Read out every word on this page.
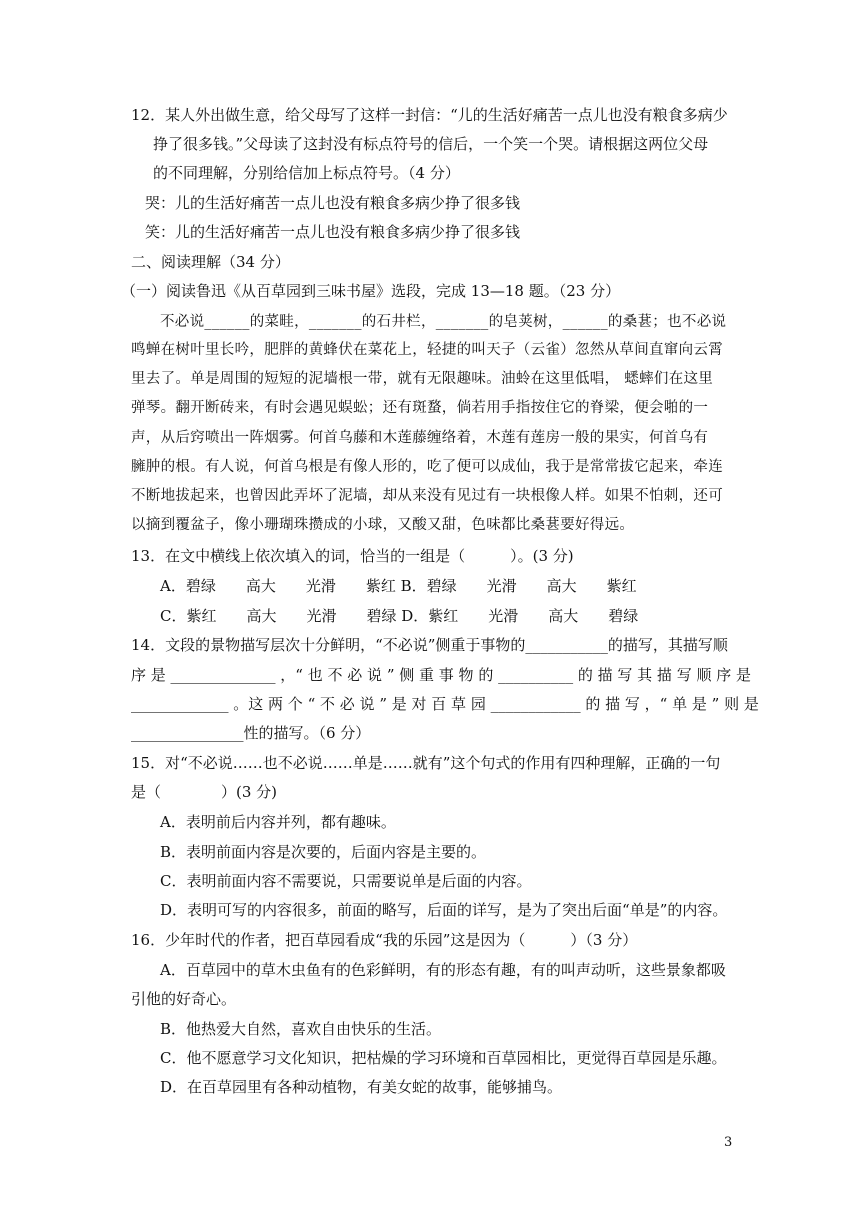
12．某人外出做生意，给父母写了这样一封信：“儿的生活好痛苦一点儿也没有粮食多病少
挣了很多钱。”父母读了这封没有标点符号的信后，一个笑一个哭。请根据这两位父母
的不同理解，分别给信加上标点符号。（4 分）
哭：儿的生活好痛苦一点儿也没有粮食多病少挣了很多钱
笑：儿的生活好痛苦一点儿也没有粮食多病少挣了很多钱
二、阅读理解（34 分）
（一）阅读鲁迅《从百草园到三味书屋》选段，完成 13—18 题。（23 分）
不必说______的菜畦，_______的石井栏，_______的皂荚树，______的桑葚；也不必说
鸣蝉在树叶里长吟，肥胖的黄蜂伏在菜花上，轻捷的叫天子（云雀）忽然从草间直窜向云霄
里去了。单是周围的短短的泥墙根一带，就有无限趣味。油蛉在这里低唱， 蟋蟀们在这里
弹琴。翻开断砖来，有时会遇见蜈蚣；还有斑蝥，倘若用手指按住它的脊梁，便会啪的一
声，从后窍喷出一阵烟雾。何首乌藤和木莲藤缠络着，木莲有莲房一般的果实，何首乌有
臃肿的根。有人说，何首乌根是有像人形的，吃了便可以成仙，我于是常常拔它起来，牵连
不断地拔起来，也曾因此弄坏了泥墙，却从来没有见过有一块根像人样。如果不怕刺，还可
以摘到覆盆子，像小珊瑚珠攒成的小球，又酸又甜，色味都比桑葚要好得远。
13．在文中横线上依次填入的词，恰当的一组是（　　　）。(3 分)
A．碧绿　　高大　　光滑　　紫红 B．碧绿　　光滑　　高大　　紫红
C．紫红　　高大　　光滑　　碧绿 D．紫红　　光滑　　高大　　碧绿
14．文段的景物描写层次十分鲜明，“不必说”侧重于事物的___________的描写，其描写顺
序 是 ______________ ，“ 也 不 必 说 ” 侧 重 事 物 的 __________ 的 描 写 其 描 写 顺 序 是
_____________ 。这 两 个 “ 不 必 说 ” 是 对 百 草 园 ____________ 的 描 写 ，“ 单 是 ” 则 是
_______________性的描写。（6 分）
15．对“不必说……也不必说……单是……就有”这个句式的作用有四种理解，正确的一句
是（　　　　）(3 分)
A．表明前后内容并列，都有趣味。
B．表明前面内容是次要的，后面内容是主要的。
C．表明前面内容不需要说，只需要说单是后面的内容。
D．表明可写的内容很多，前面的略写，后面的详写，是为了突出后面“单是”的内容。
16．少年时代的作者，把百草园看成“我的乐园”这是因为（　　　）（3 分）
A．百草园中的草木虫鱼有的色彩鲜明，有的形态有趣，有的叫声动听，这些景象都吸
引他的好奇心。
B．他热爱大自然，喜欢自由快乐的生活。
C．他不愿意学习文化知识，把枯燥的学习环境和百草园相比，更觉得百草园是乐趣。
D．在百草园里有各种动植物，有美女蛇的故事，能够捕鸟。
3
